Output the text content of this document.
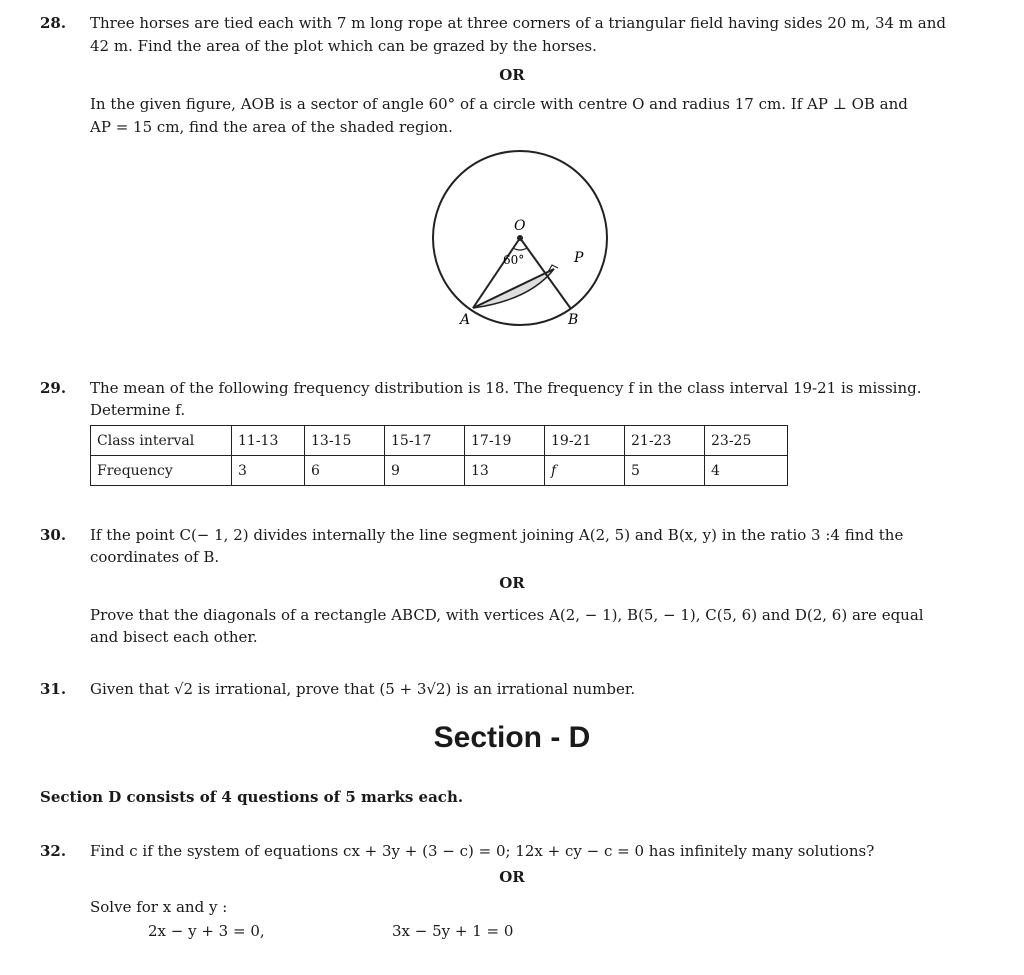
28. Three horses are tied each with 7 m long rope at three corners of a triangular field having sides 20 m, 34 m and
42 m. Find the area of the plot which can be grazed by the horses.
OR
In the given figure, AOB is a sector of angle 60° of a circle with centre O and radius 17 cm. If AP ⊥ OB and
AP = 15 cm, find the area of the shaded region.
O
60°	P
A	B
29. The mean of the following frequency distribution is 18. The frequency f in the class interval 19-21 is missing.
Determine f.
Class interval	11-13	13-15	15-17	17-19	19-21	21-23	23-25
Frequency	3	6	9	13	f	5	4
30. If the point C(− 1, 2) divides internally the line segment joining A(2, 5) and B(x, y) in the ratio 3 :4 find the
coordinates of B.
OR
Prove that the diagonals of a rectangle ABCD, with vertices A(2, − 1), B(5, − 1), C(5, 6) and D(2, 6) are equal
and bisect each other.
31. Given that √2 is irrational, prove that (5 + 3√2) is an irrational number.
Section - D
Section D consists of 4 questions of 5 marks each.
32. Find c if the system of equations cx + 3y + (3 − c) = 0; 12x + cy − c = 0 has infinitely many solutions?
OR
Solve for x and y :
2x − y + 3 = 0,	3x − 5y + 1 = 0
